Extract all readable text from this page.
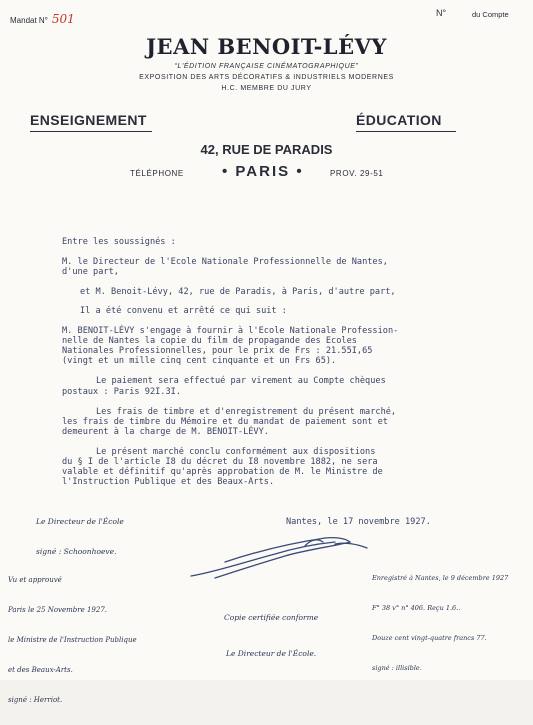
Mandat N° 501	N°	du Compte
JEAN BENOIT-LÉVY
“L'ÉDITION FRANÇAISE CINÉMATOGRAPHIQUE”
EXPOSITION DES ARTS DÉCORATIFS & INDUSTRIELS MODERNES
H.C. MEMBRE DU JURY
ENSEIGNEMENT	ÉDUCATION
42, RUE DE PARADIS
TÉLÉPHONE	• PARIS •	PROV. 29-51
Entre les soussignés :
M. le Directeur de l'Ecole Nationale Professionnelle de Nantes,
d'une part,
et M. Benoit-Lévy, 42, rue de Paradis, à Paris, d'autre part,
Il a été convenu et arrêté ce qui suit :
M. BENOIT-LÉVY s'engage à fournir à l'Ecole Nationale Profession-
nelle de Nantes la copie du film de propagande des Ecoles
Nationales Professionnelles, pour le prix de Frs : 21.55I,65
(vingt et un mille cinq cent cinquante et un Frs 65).
Le paiement sera effectué par virement au Compte chèques
postaux : Paris 92I.3I.
Les frais de timbre et d'enregistrement du présent marché,
les frais de timbre du Mémoire et du mandat de paiement sont et
demeurent à la charge de M. BENOIT-LÉVY.
Le présent marché conclu conformément aux dispositions
du § I de l'article I8 du décret du I8 novembre 1882, ne sera
valable et définitif qu'après approbation de M. le Ministre de
l'Instruction Publique et des Beaux-Arts.
Nantes, le 17 novembre 1927.

Le Directeur de l'École

signé : Schoonhoeve.

Vu et approuvé

Paris le 25 Novembre 1927.

le Ministre de l'Instruction Publique

et des Beaux-Arts.

signé : Herriot.

Copie certifiée conforme

Le Directeur de l'École.

Enregistré à Nantes, le 9 décembre 1927

F° 38 v° n° 406. Reçu 1.6..

Douze cent vingt-quatre francs 77.

signé : illisible.
